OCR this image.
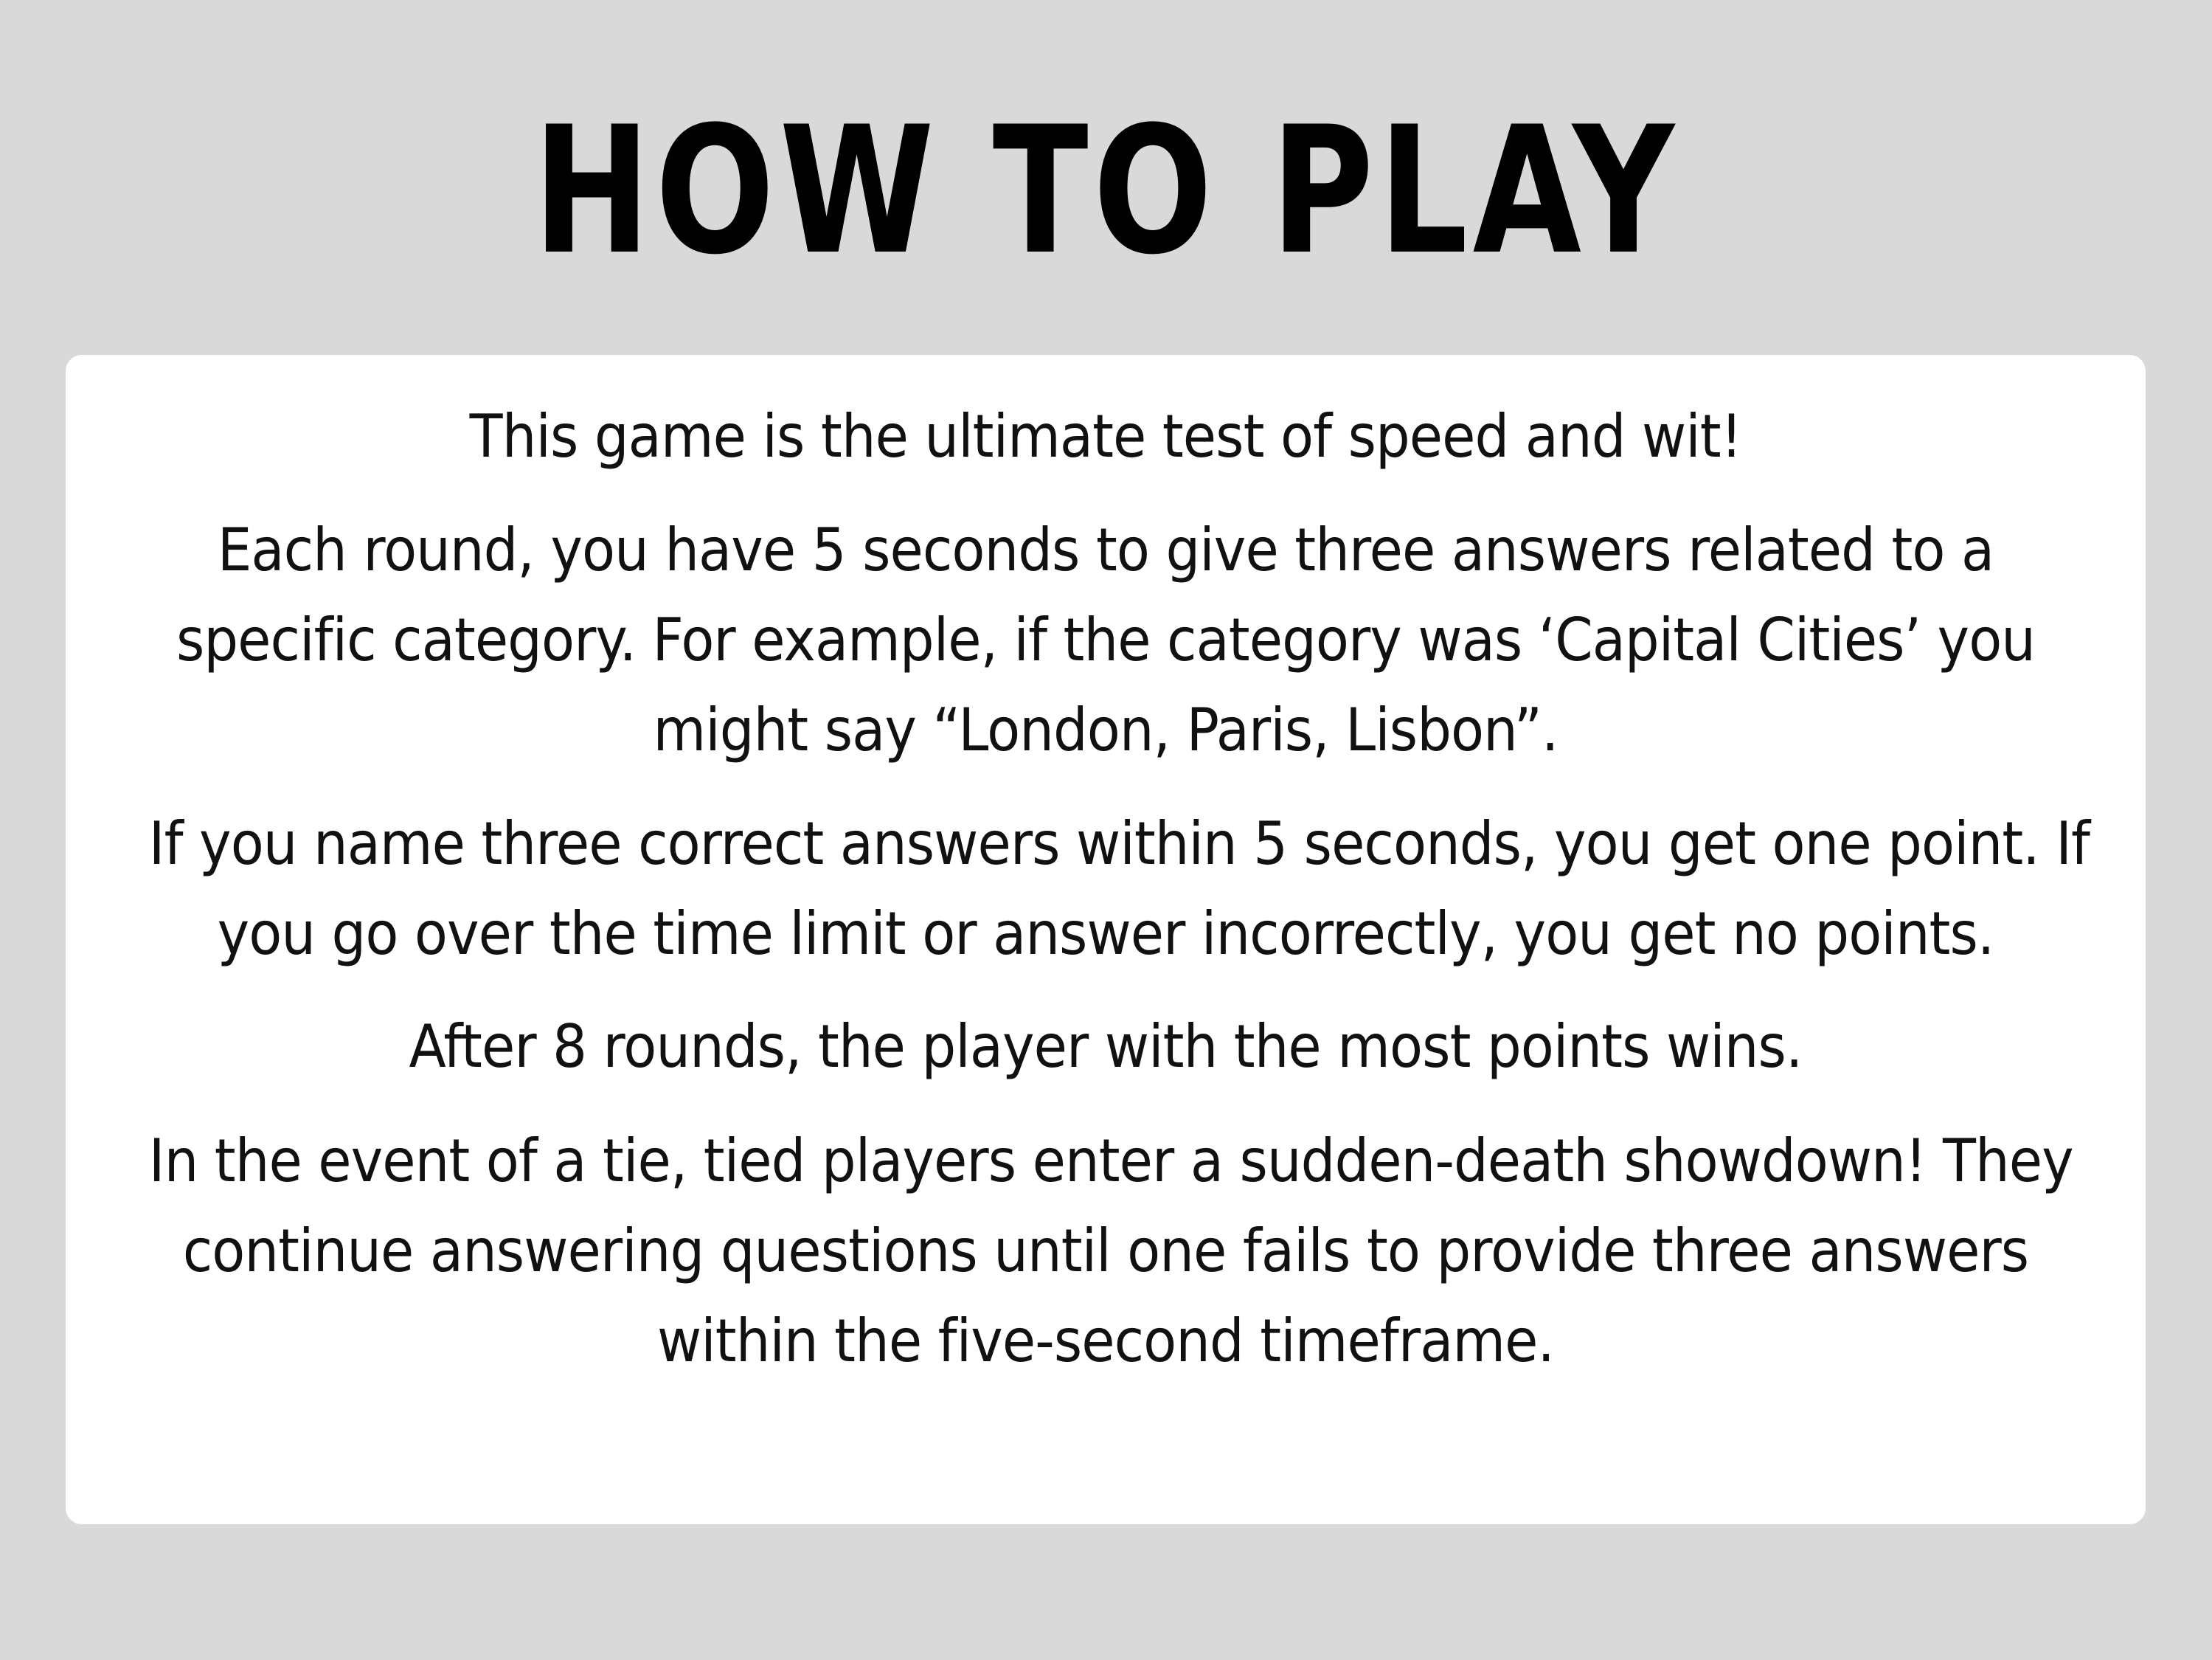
HOW TO PLAY
This game is the ultimate test of speed and wit!
Each round, you have 5 seconds to give three answers related to a
specific category. For example, if the category was ‘Capital Cities’ you
might say “London, Paris, Lisbon”.
If you name three correct answers within 5 seconds, you get one point. If
you go over the time limit or answer incorrectly, you get no points.
After 8 rounds, the player with the most points wins.
In the event of a tie, tied players enter a sudden-death showdown! They
continue answering questions until one fails to provide three answers
within the five-second timeframe.
